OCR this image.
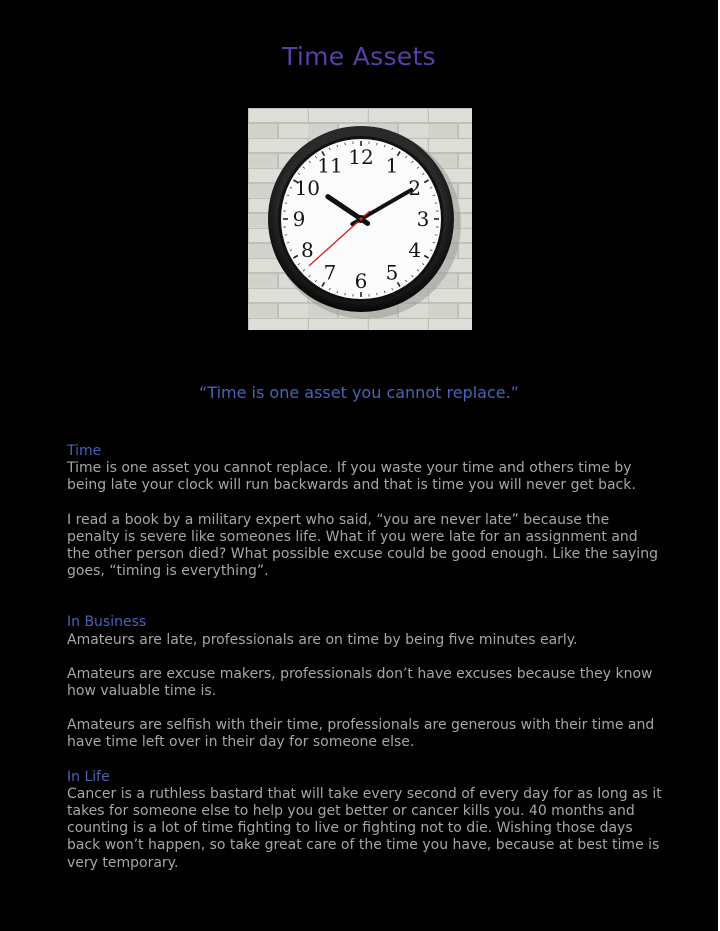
Time Assets
12 1
2
3
4
5
6
7
8
9
10
11

“Time is one asset you cannot replace.”

Time

Time is one asset you cannot replace. If you waste your time and others time by being late your clock will run backwards and that is time you will never get back.

I read a book by a military expert who said, “you are never late” because the penalty is severe like someones life. What if you were late for an assignment and the other person died? What possible excuse could be good enough. Like the saying goes, “timing is everything”.

In Business

Amateurs are late, professionals are on time by being five minutes early.

Amateurs are excuse makers, professionals don’t have excuses because they know how valuable time is.

Amateurs are selfish with their time, professionals are generous with their time and have time left over in their day for someone else.

In Life

Cancer is a ruthless bastard that will take every second of every day for as long as it takes for someone else to help you get better or cancer kills you. 40 months and counting is a lot of time fighting to live or fighting not to die. Wishing those days back won’t happen, so take great care of the time you have, because at best time is very temporary.
